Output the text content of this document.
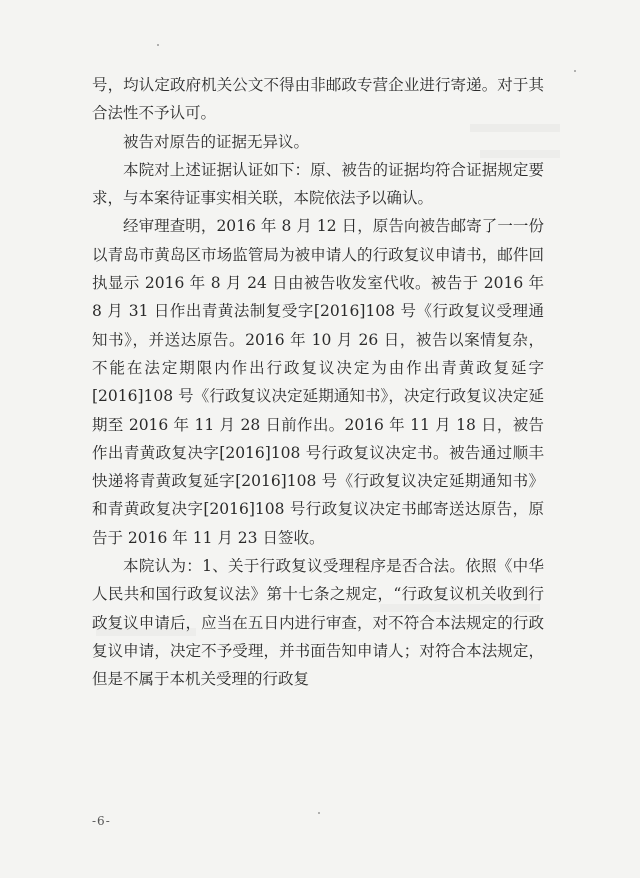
号，均认定政府机关公文不得由非邮政专营企业进行寄递。对于其合法性不予认可。

被告对原告的证据无异议。

本院对上述证据认证如下：原、被告的证据均符合证据规定要求，与本案待证事实相关联，本院依法予以确认。

经审理查明，2016 年 8 月 12 日，原告向被告邮寄了一一份以青岛市黄岛区市场监管局为被申请人的行政复议申请书，邮件回执显示 2016 年 8 月 24 日由被告收发室代收。被告于 2016 年 8 月 31 日作出青黄法制复受字[2016]108 号《行政复议受理通知书》，并送达原告。2016 年 10 月 26 日，被告以案情复杂，不能在法定期限内作出行政复议决定为由作出青黄政复延字[2016]108 号《行政复议决定延期通知书》，决定行政复议决定延期至 2016 年 11 月 28 日前作出。2016 年 11 月 18 日，被告作出青黄政复决字[2016]108 号行政复议决定书。被告通过顺丰快递将青黄政复延字[2016]108 号《行政复议决定延期通知书》和青黄政复决字[2016]108 号行政复议决定书邮寄送达原告，原告于 2016 年 11 月 23 日签收。

本院认为：1、关于行政复议受理程序是否合法。依照《中华人民共和国行政复议法》第十七条之规定，“行政复议机关收到行政复议申请后，应当在五日内进行审查，对不符合本法规定的行政复议申请，决定不予受理，并书面告知申请人；对符合本法规定，但是不属于本机关受理的行政复

-6-
